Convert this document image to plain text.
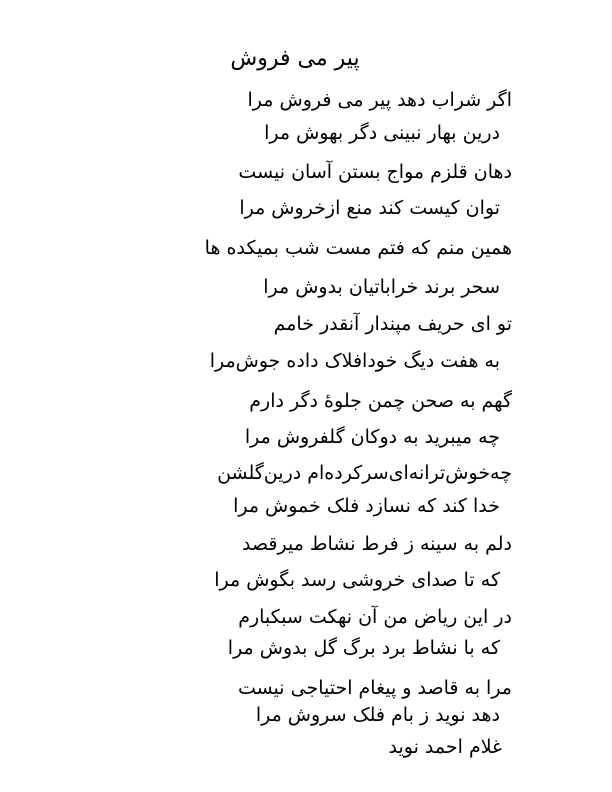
پیر می فروش
اگر شراب دهد پیر می فروش مرا
درین بهار نبینی دگر بهوش مرا
دهان قلزم مواج بستن آسان نیست
توان کیست کند منع ازخروش مرا
همین منم که فتم مست شب بمیکده ها
سحر برند خراباتیان بدوش مرا
تو ای حریف مپندار آنقدر خامم
به هفت دیگ خودافلاک داده جوش‌مرا
گهم به صحن چمن جلوهٔ دگر دارم
چه میبرید به دوکان گلفروش مرا
چه‌خوش‌ترانه‌ای‌سرکرده‌ام درین‌گلشن
خدا کند که نسازد فلک خموش مرا
دلم به سینه ز فرط نشاط میرقصد
که تا صدای خروشی رسد بگوش مرا
در این ریاض من آن نهکت سبکبارم
که با نشاط برد برگ گل بدوش مرا
مرا به قاصد و پیغام احتیاجی نیست
دهد نوید ز بام فلک سروش مرا
غلام احمد نوید
